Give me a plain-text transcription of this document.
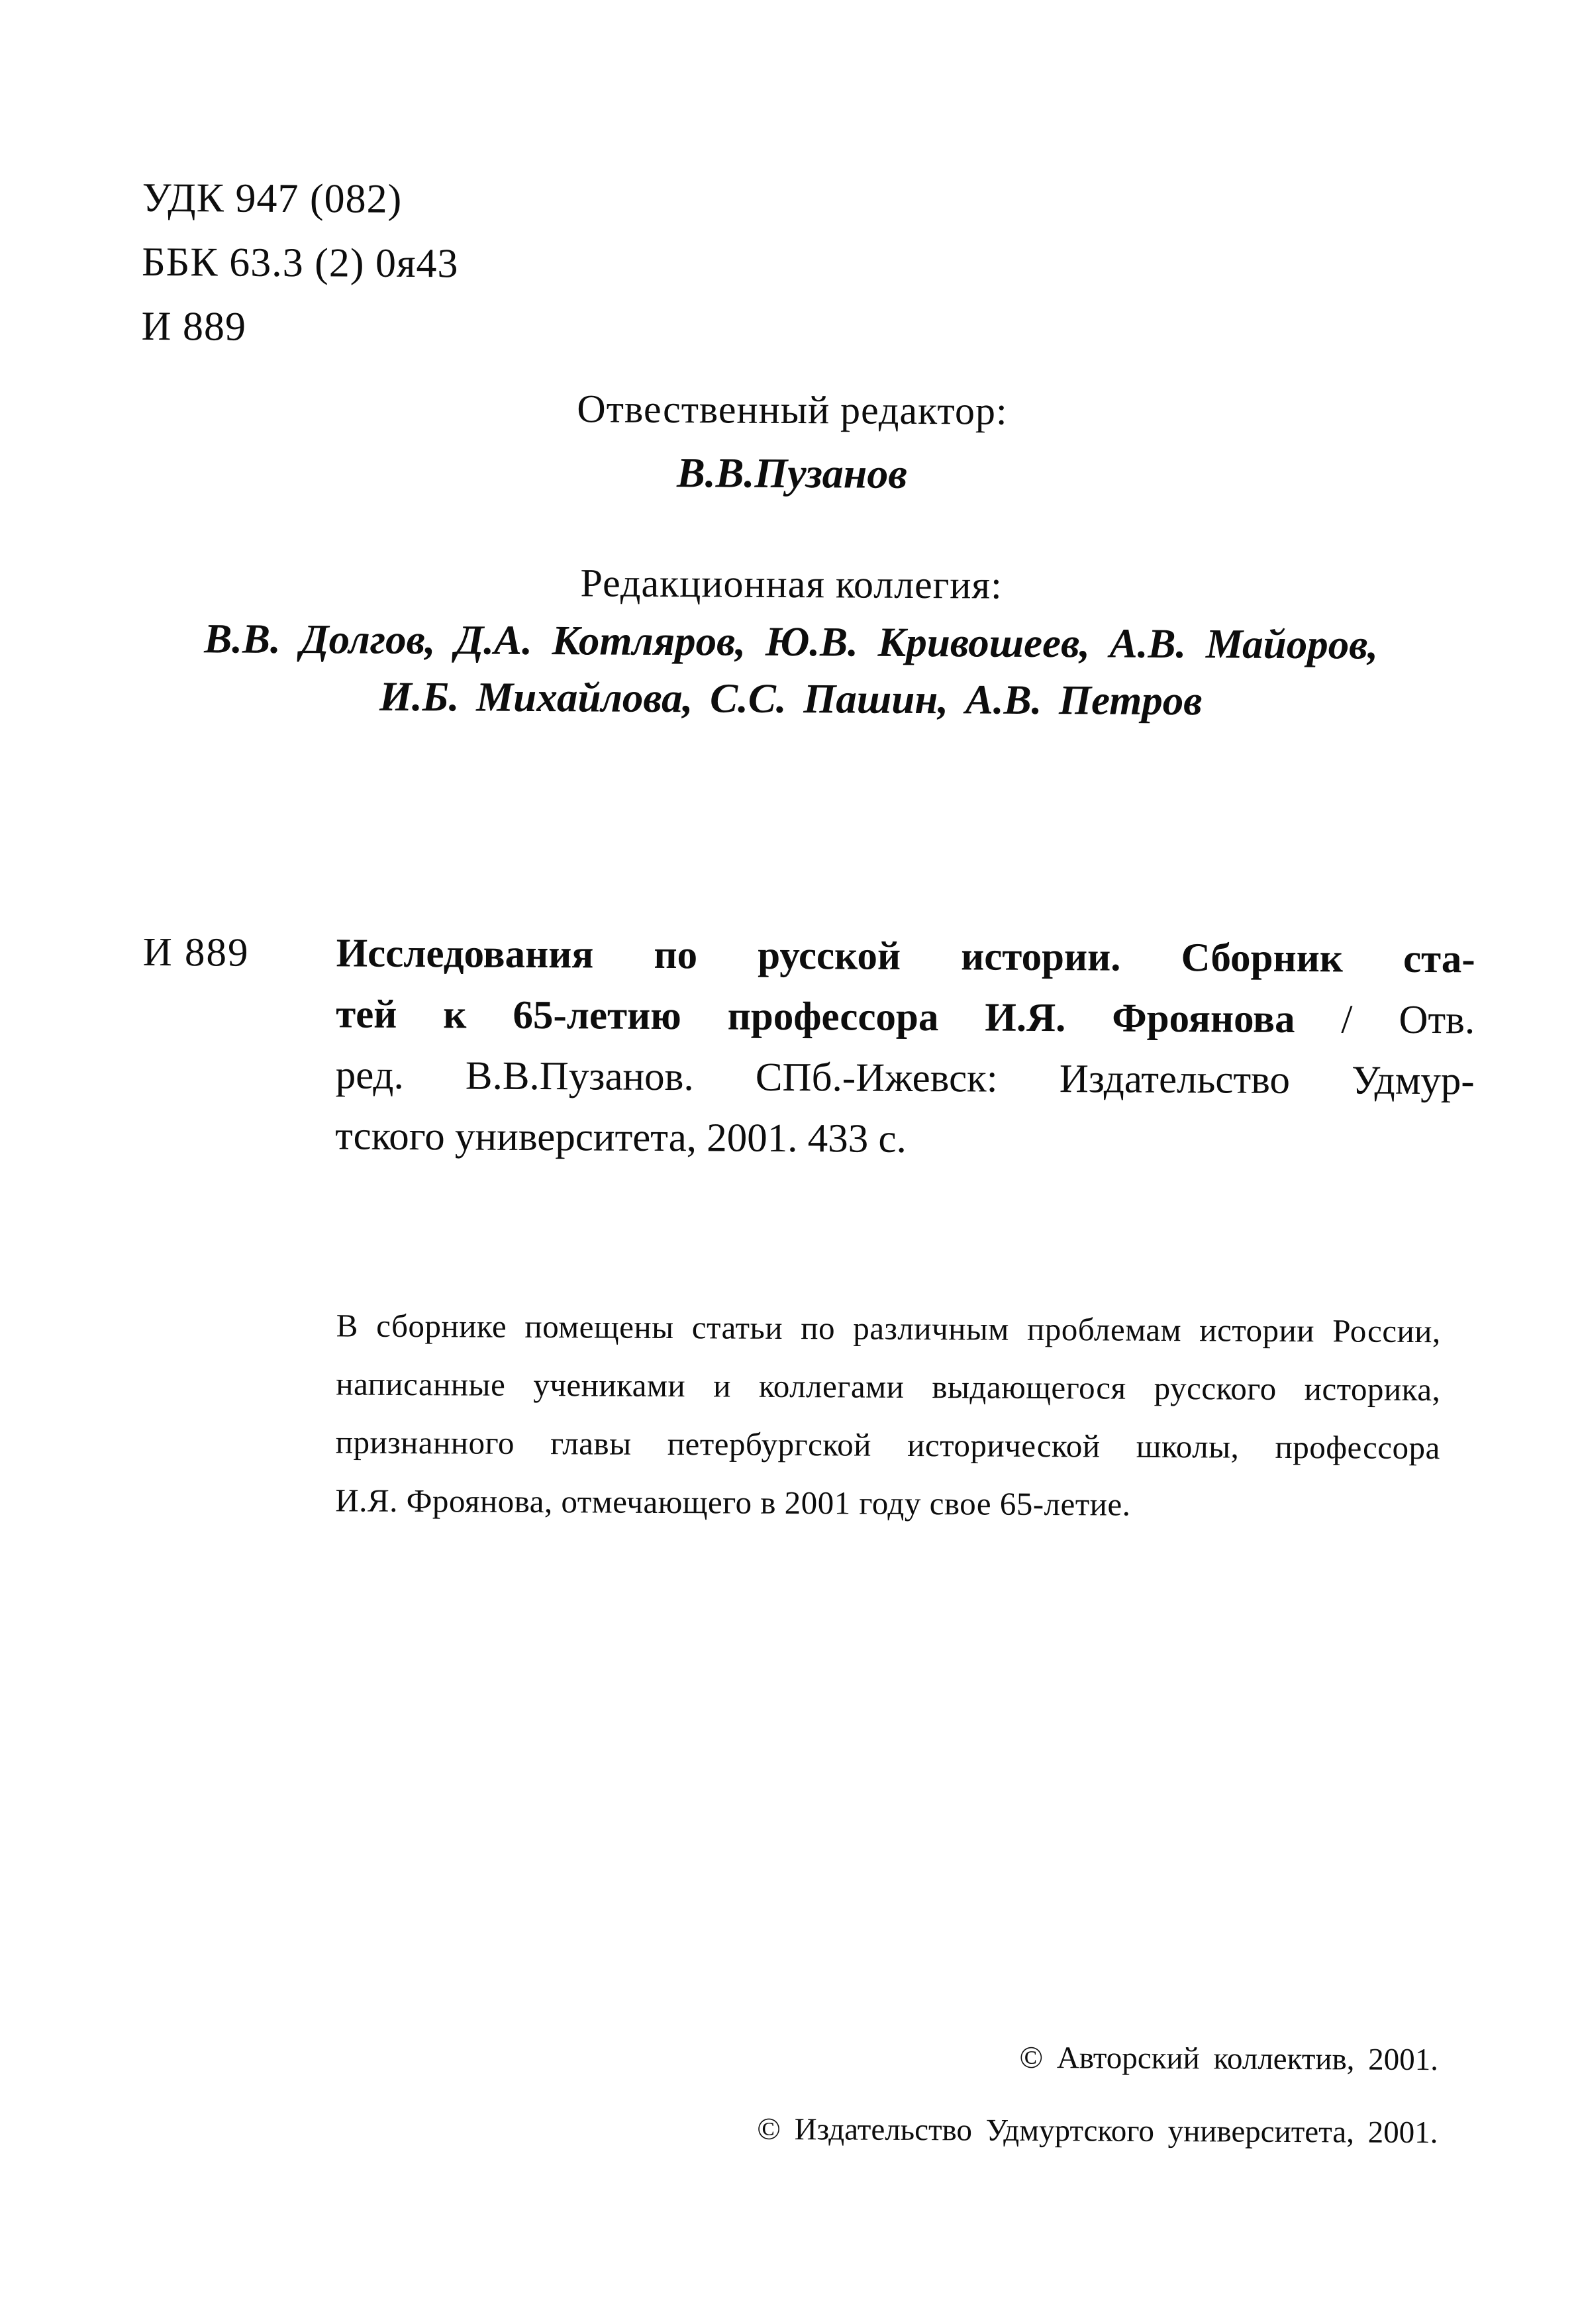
УДК 947 (082)
ББК 63.3 (2) 0я43
И 889
Отвественный редактор:
В.В.Пузанов
Редакционная коллегия:
В.В. Долгов, Д.А. Котляров, Ю.В. Кривошеев, А.В. Майоров,
И.Б. Михайлова, С.С. Пашин, А.В. Петров
И 889 Исследования по русской истории. Сборник ста-
тей к 65-летию профессора И.Я. Фроянова / Отв.
ред. В.В.Пузанов. СПб.-Ижевск: Издательство Удмур-
тского университета, 2001. 433 с.
В сборнике помещены статьи по различным проблемам истории России,
написанные учениками и коллегами выдающегося русского историка,
признанного главы петербургской исторической школы, профессора
И.Я. Фроянова, отмечающего в 2001 году свое 65-летие.
© Авторский коллектив, 2001.
© Издательство Удмуртского университета, 2001.
